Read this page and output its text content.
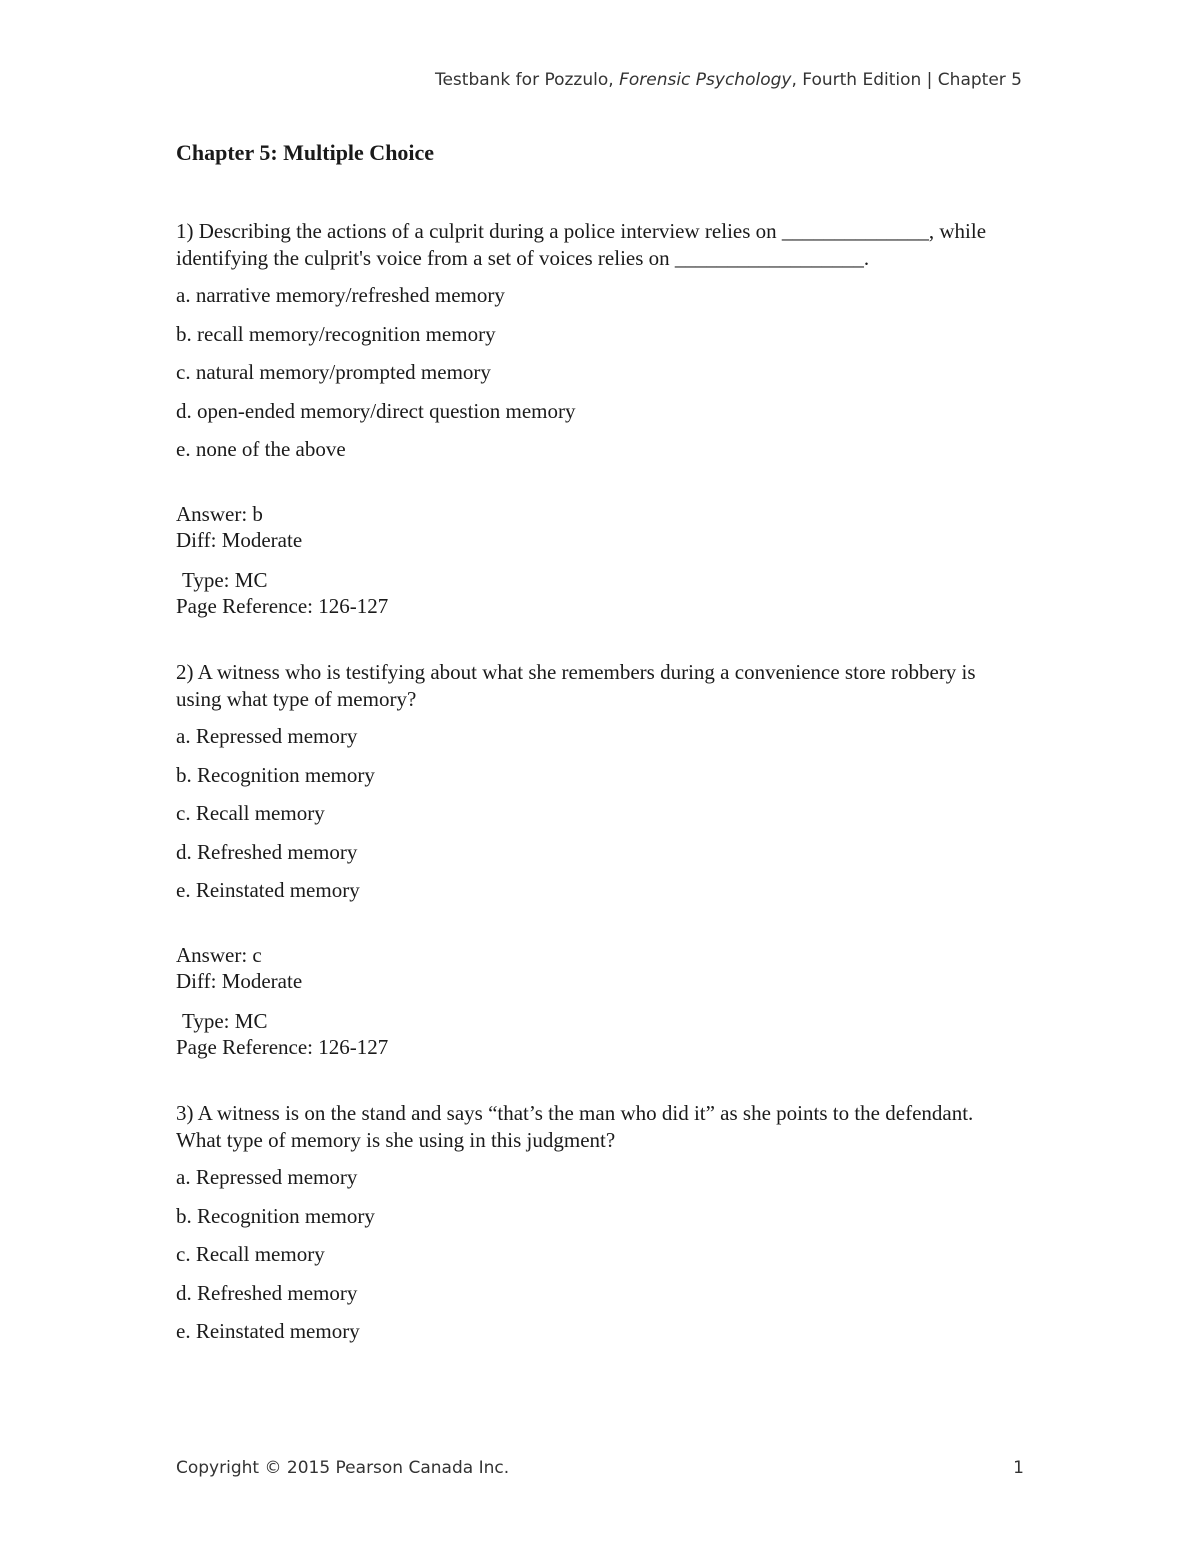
Testbank for Pozzulo, Forensic Psychology, Fourth Edition | Chapter 5
Chapter 5: Multiple Choice

1) Describing the actions of a culprit during a police interview relies on ______________, while identifying the culprit's voice from a set of voices relies on __________________.

a. narrative memory/refreshed memory
b. recall memory/recognition memory
c. natural memory/prompted memory
d. open-ended memory/direct question memory
e. none of the above
Answer: b
Diff: Moderate
Type: MC
Page Reference: 126-127

2) A witness who is testifying about what she remembers during a convenience store robbery is using what type of memory?

a. Repressed memory
b. Recognition memory
c. Recall memory
d. Refreshed memory
e. Reinstated memory
Answer: c
Diff: Moderate
Type: MC
Page Reference: 126-127

3) A witness is on the stand and says “that’s the man who did it” as she points to the defendant. What type of memory is she using in this judgment?

a. Repressed memory
b. Recognition memory
c. Recall memory
d. Refreshed memory
e. Reinstated memory
Copyright © 2015 Pearson Canada Inc.	1
